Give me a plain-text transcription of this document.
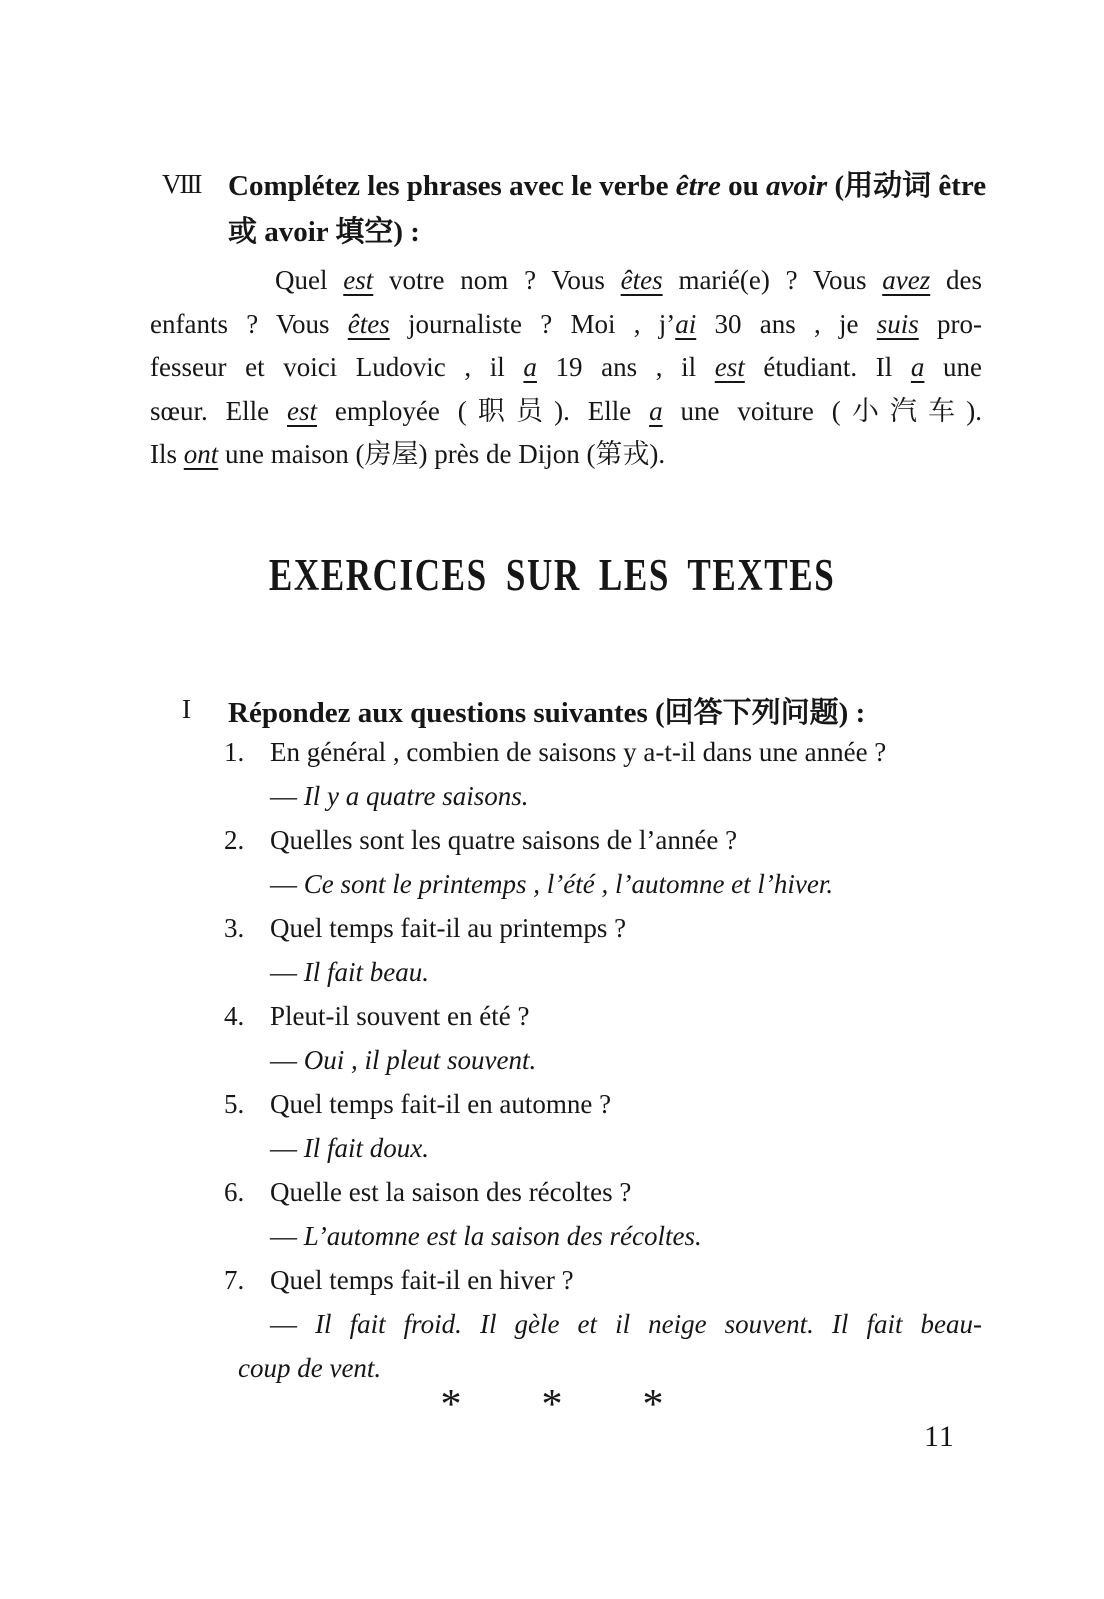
VIII Complétez les phrases avec le verbe être ou avoir (用动词 être
或 avoir 填空) :
Quel est votre nom ? Vous êtes marié(e) ? Vous avez des
enfants ? Vous êtes journaliste ? Moi , j’ai 30 ans , je suis pro-
fesseur et voici Ludovic , il a 19 ans , il est étudiant. Il a une
sœur. Elle est employée (职员). Elle a une voiture (小汽车).
Ils ont une maison (房屋) près de Dijon (第戎).
EXERCICES SUR LES TEXTES
I Répondez aux questions suivantes (回答下列问题) :
1. En général , combien de saisons y a-t-il dans une année ?
— Il y a quatre saisons.
2. Quelles sont les quatre saisons de l’année ?
— Ce sont le printemps , l’été , l’automne et l’hiver.
3. Quel temps fait-il au printemps ?
— Il fait beau.
4. Pleut-il souvent en été ?
— Oui , il pleut souvent.
5. Quel temps fait-il en automne ?
— Il fait doux.
6. Quelle est la saison des récoltes ?
— L’automne est la saison des récoltes.
7. Quel temps fait-il en hiver ?
— Il fait froid. Il gèle et il neige souvent. Il fait beau-
coup de vent.
* * *
11
